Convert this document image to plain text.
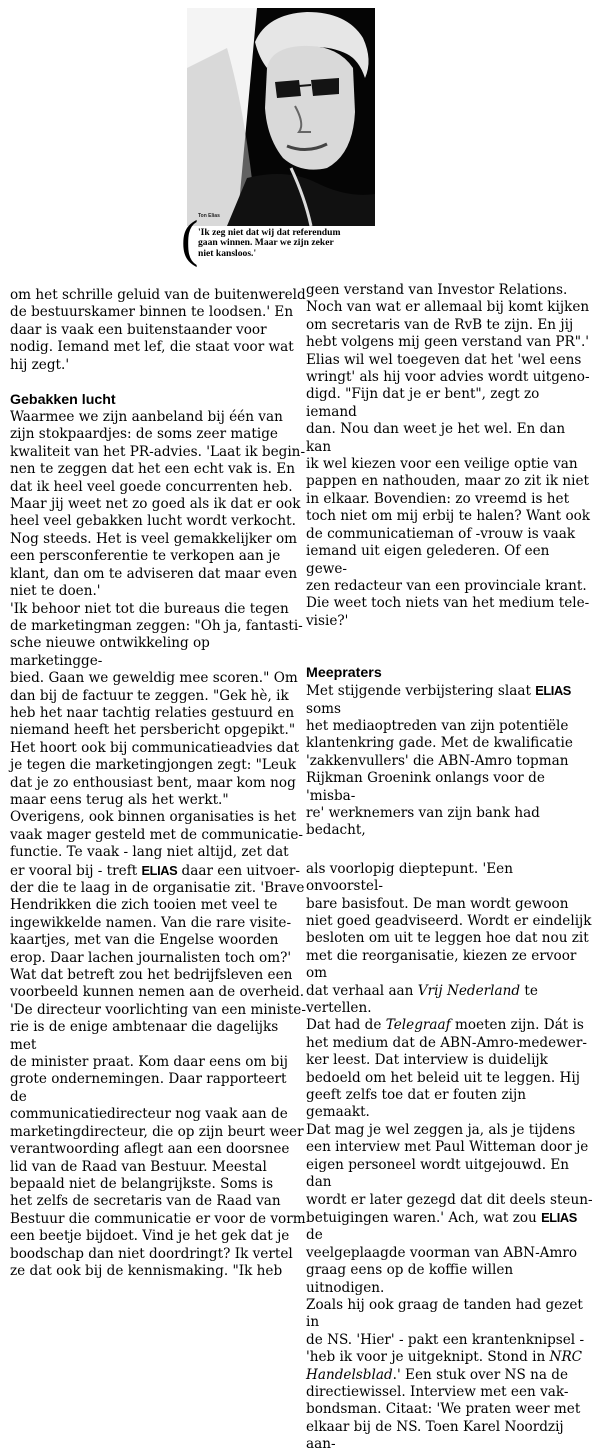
( Ton Elias

'Ik zeg niet dat wij dat referendum
gaan winnen. Maar we zijn zeker
niet kansloos.'

om het schrille geluid van de buitenwereld
de bestuurskamer binnen te loodsen.' En
daar is vaak een buitenstaander voor
nodig. Iemand met lef, die staat voor wat
hij zegt.'

Gebakken lucht

Waarmee we zijn aanbeland bij één van
zijn stokpaardjes: de soms zeer matige
kwaliteit van het PR-advies. 'Laat ik begin-
nen te zeggen dat het een echt vak is. En
dat ik heel veel goede concurrenten heb.
Maar jij weet net zo goed als ik dat er ook
heel veel gebakken lucht wordt verkocht.
Nog steeds. Het is veel gemakkelijker om
een persconferentie te verkopen aan je
klant, dan om te adviseren dat maar even
niet te doen.'
'Ik behoor niet tot die bureaus die tegen
de marketingman zeggen: "Oh ja, fantasti-
sche nieuwe ontwikkeling op marketingge-
bied. Gaan we geweldig mee scoren." Om
dan bij de factuur te zeggen. "Gek hè, ik
heb het naar tachtig relaties gestuurd en
niemand heeft het persbericht opgepikt."
Het hoort ook bij communicatieadvies dat
je tegen die marketingjongen zegt: "Leuk
dat je zo enthousiast bent, maar kom nog
maar eens terug als het werkt."
Overigens, ook binnen organisaties is het
vaak mager gesteld met de communicatie-
functie. Te vaak - lang niet altijd, zet dat
er vooral bij - treft ELIAS daar een uitvoer-
der die te laag in de organisatie zit. 'Brave
Hendrikken die zich tooien met veel te
ingewikkelde namen. Van die rare visite-
kaartjes, met van die Engelse woorden
erop. Daar lachen journalisten toch om?'
Wat dat betreft zou het bedrijfsleven een
voorbeeld kunnen nemen aan de overheid.
'De directeur voorlichting van een ministe-
rie is de enige ambtenaar die dagelijks met
de minister praat. Kom daar eens om bij
grote ondernemingen. Daar rapporteert de
communicatiedirecteur nog vaak aan de
marketingdirecteur, die op zijn beurt weer
verantwoording aflegt aan een doorsnee
lid van de Raad van Bestuur. Meestal
bepaald niet de belangrijkste. Soms is
het zelfs de secretaris van de Raad van
Bestuur die communicatie er voor de vorm
een beetje bijdoet. Vind je het gek dat je
boodschap dan niet doordringt? Ik vertel
ze dat ook bij de kennismaking. "Ik heb

geen verstand van Investor Relations.
Noch van wat er allemaal bij komt kijken
om secretaris van de RvB te zijn. En jij
hebt volgens mij geen verstand van PR".'
Elias wil wel toegeven dat het 'wel eens
wringt' als hij voor advies wordt uitgeno-
digd. "Fijn dat je er bent", zegt zo iemand
dan. Nou dan weet je het wel. En dan kan
ik wel kiezen voor een veilige optie van
pappen en nathouden, maar zo zit ik niet
in elkaar. Bovendien: zo vreemd is het
toch niet om mij erbij te halen? Want ook
de communicatieman of -vrouw is vaak
iemand uit eigen gelederen. Of een gewe-
zen redacteur van een provinciale krant.
Die weet toch niets van het medium tele-
visie?'

Meepraters

Met stijgende verbijstering slaat ELIAS soms
het mediaoptreden van zijn potentiële
klantenkring gade. Met de kwalificatie
'zakkenvullers' die ABN-Amro topman
Rijkman Groenink onlangs voor de 'misba-
re' werknemers van zijn bank had bedacht,

als voorlopig dieptepunt. 'Een onvoorstel-
bare basisfout. De man wordt gewoon
niet goed geadviseerd. Wordt er eindelijk
besloten om uit te leggen hoe dat nou zit
met die reorganisatie, kiezen ze ervoor om
dat verhaal aan Vrij Nederland te vertellen.
Dat had de Telegraaf moeten zijn. Dát is
het medium dat de ABN-Amro-medewer-
ker leest. Dat interview is duidelijk
bedoeld om het beleid uit te leggen. Hij
geeft zelfs toe dat er fouten zijn gemaakt.
Dat mag je wel zeggen ja, als je tijdens
een interview met Paul Witteman door je
eigen personeel wordt uitgejouwd. En dan
wordt er later gezegd dat dit deels steun-
betuigingen waren.' Ach, wat zou ELIAS de
veelgeplaagde voorman van ABN-Amro
graag eens op de koffie willen uitnodigen.
Zoals hij ook graag de tanden had gezet in
de NS. 'Hier' - pakt een krantenknipsel -
'heb ik voor je uitgeknipt. Stond in NRC
Handelsblad.' Een stuk over NS na de
directiewissel. Interview met een vak-
bondsman. Citaat: 'We praten weer met
elkaar bij de NS. Toen Karel Noordzij aan-
